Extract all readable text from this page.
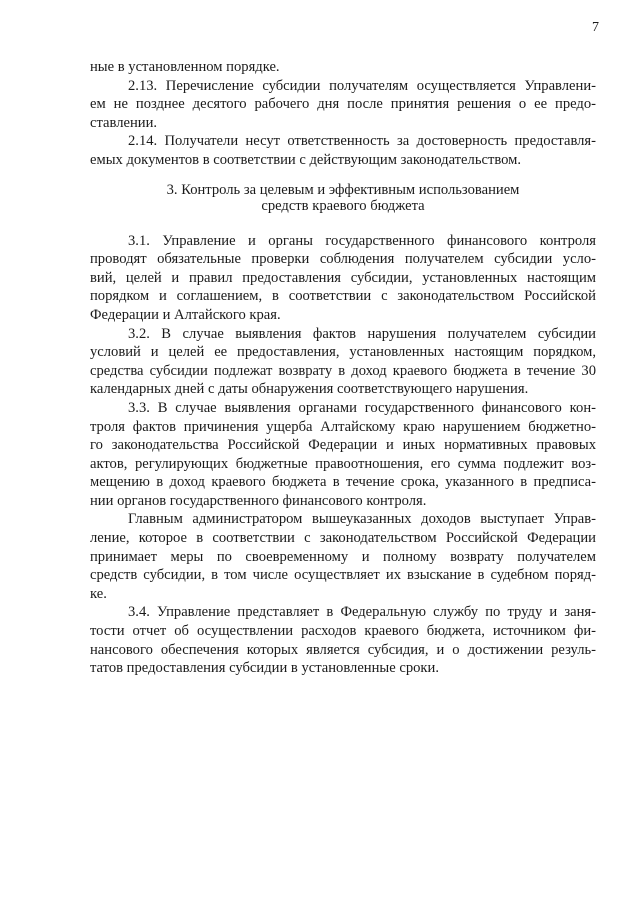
7
ные в установленном порядке.
2.13. Перечисление субсидии получателям осуществляется Управлени-
ем не позднее десятого рабочего дня после принятия решения о ее предо-
ставлении.
2.14. Получатели несут ответственность за достоверность предоставля-
емых документов в соответствии с действующим законодательством.
3. Контроль за целевым и эффективным использованием
средств краевого бюджета
3.1. Управление и органы государственного финансового контроля
проводят обязательные проверки соблюдения получателем субсидии усло-
вий, целей и правил предоставления субсидии, установленных настоящим
порядком и соглашением, в соответствии с законодательством Российской
Федерации и Алтайского края.
3.2. В случае выявления фактов нарушения получателем субсидии
условий и целей ее предоставления, установленных настоящим порядком,
средства субсидии подлежат возврату в доход краевого бюджета в течение 30
календарных дней с даты обнаружения соответствующего нарушения.
3.3. В случае выявления органами государственного финансового кон-
троля фактов причинения ущерба Алтайскому краю нарушением бюджетно-
го законодательства Российской Федерации и иных нормативных правовых
актов, регулирующих бюджетные правоотношения, его сумма подлежит воз-
мещению в доход краевого бюджета в течение срока, указанного в предписа-
нии органов государственного финансового контроля.
Главным администратором вышеуказанных доходов выступает Управ-
ление, которое в соответствии с законодательством Российской Федерации
принимает меры по своевременному и полному возврату получателем
средств субсидии, в том числе осуществляет их взыскание в судебном поряд-
ке.
3.4. Управление представляет в Федеральную службу по труду и заня-
тости отчет об осуществлении расходов краевого бюджета, источником фи-
нансового обеспечения которых является субсидия, и о достижении резуль-
татов предоставления субсидии в установленные сроки.
